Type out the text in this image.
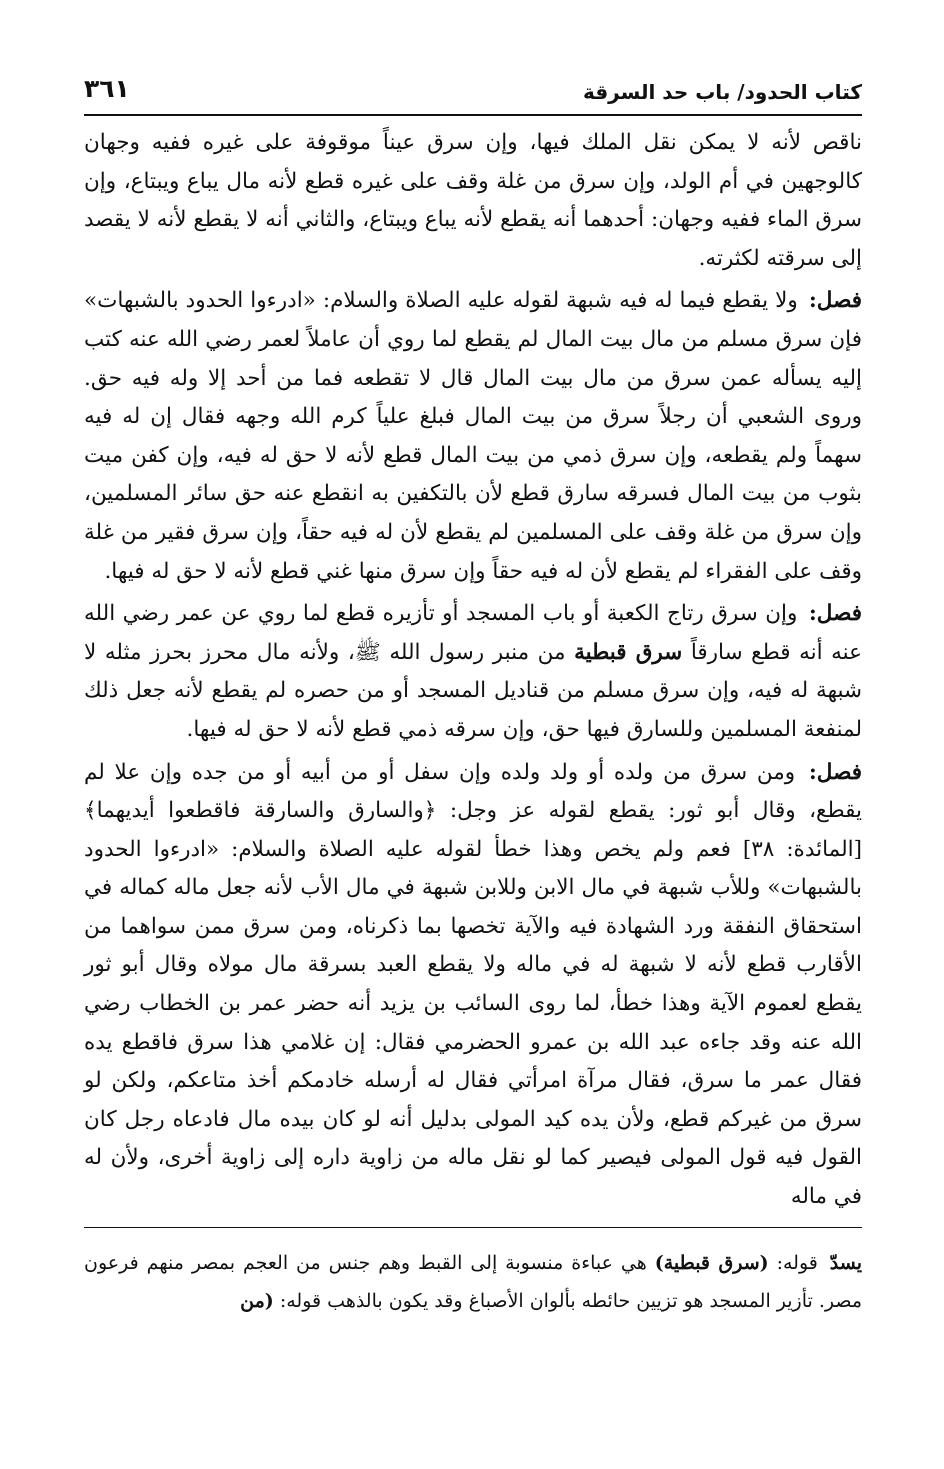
كتاب الحدود/ باب حد السرقة
٣٦١

ناقص لأنه لا يمكن نقل الملك فيها، وإن سرق عيناً موقوفة على غيره ففيه وجهان كالوجهين في أم الولد، وإن سرق من غلة وقف على غيره قطع لأنه مال يباع ويبتاع، وإن سرق الماء ففيه وجهان: أحدهما أنه يقطع لأنه يباع ويبتاع، والثاني أنه لا يقطع لأنه لا يقصد إلى سرقته لكثرته.

فصل: ولا يقطع فيما له فيه شبهة لقوله عليه الصلاة والسلام: «ادرءوا الحدود بالشبهات» فإن سرق مسلم من مال بيت المال لم يقطع لما روي أن عاملاً لعمر رضي الله عنه كتب إليه يسأله عمن سرق من مال بيت المال قال لا تقطعه فما من أحد إلا وله فيه حق. وروى الشعبي أن رجلاً سرق من بيت المال فبلغ علياً كرم الله وجهه فقال إن له فيه سهماً ولم يقطعه، وإن سرق ذمي من بيت المال قطع لأنه لا حق له فيه، وإن كفن ميت بثوب من بيت المال فسرقه سارق قطع لأن بالتكفين به انقطع عنه حق سائر المسلمين، وإن سرق من غلة وقف على المسلمين لم يقطع لأن له فيه حقاً، وإن سرق فقير من غلة وقف على الفقراء لم يقطع لأن له فيه حقاً وإن سرق منها غني قطع لأنه لا حق له فيها.

فصل: وإن سرق رتاج الكعبة أو باب المسجد أو تأزيره قطع لما روي عن عمر رضي الله عنه أنه قطع سارقاً سرق قبطية من منبر رسول الله ﷺ، ولأنه مال محرز بحرز مثله لا شبهة له فيه، وإن سرق مسلم من قناديل المسجد أو من حصره لم يقطع لأنه جعل ذلك لمنفعة المسلمين وللسارق فيها حق، وإن سرقه ذمي قطع لأنه لا حق له فيها.

فصل: ومن سرق من ولده أو ولد ولده وإن سفل أو من أبيه أو من جده وإن علا لم يقطع، وقال أبو ثور: يقطع لقوله عز وجل: ﴿والسارق والسارقة فاقطعوا أيديهما﴾ [المائدة: ٣٨] فعم ولم يخص وهذا خطأ لقوله عليه الصلاة والسلام: «ادرءوا الحدود بالشبهات» وللأب شبهة في مال الابن وللابن شبهة في مال الأب لأنه جعل ماله كماله في استحقاق النفقة ورد الشهادة فيه والآية تخصها بما ذكرناه، ومن سرق ممن سواهما من الأقارب قطع لأنه لا شبهة له في ماله ولا يقطع العبد بسرقة مال مولاه وقال أبو ثور يقطع لعموم الآية وهذا خطأ، لما روى السائب بن يزيد أنه حضر عمر بن الخطاب رضي الله عنه وقد جاءه عبد الله بن عمرو الحضرمي فقال: إن غلامي هذا سرق فاقطع يده فقال عمر ما سرق، فقال مرآة امرأتي فقال له أرسله خادمكم أخذ متاعكم، ولكن لو سرق من غيركم قطع، ولأن يده كيد المولى بدليل أنه لو كان بيده مال فادعاه رجل كان القول فيه قول المولى فيصير كما لو نقل ماله من زاوية داره إلى زاوية أخرى، ولأن له في ماله

يسدّ قوله: (سرق قبطية) هي عباءة منسوبة إلى القبط وهم جنس من العجم بمصر منهم فرعون مصر. تأزير المسجد هو تزيين حائطه بألوان الأصباغ وقد يكون بالذهب قوله: (من
